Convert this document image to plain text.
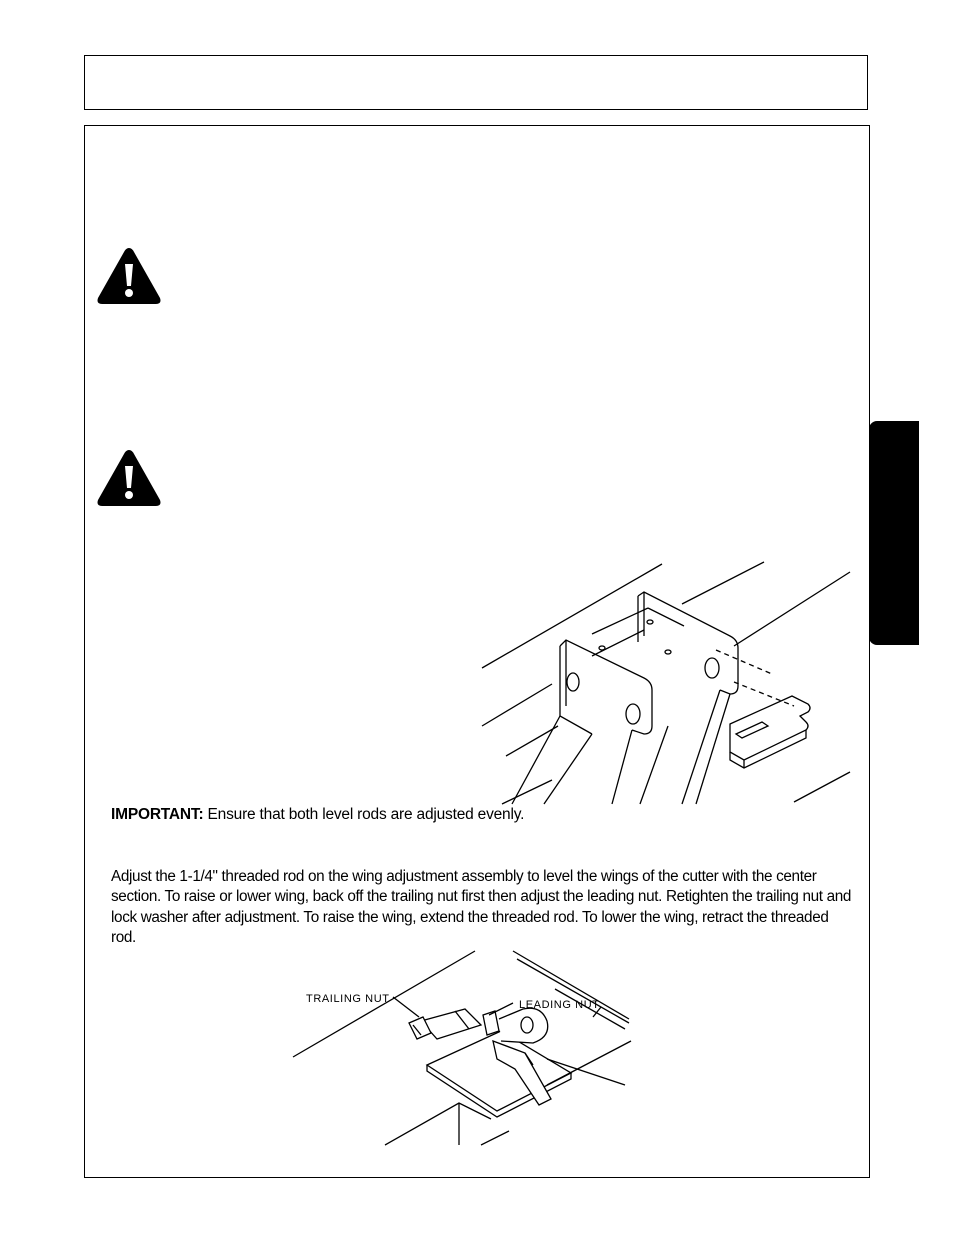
IMPORTANT: Ensure that both level rods are adjusted evenly.
Adjust the 1-1/4" threaded rod on the wing adjustment assembly to level the wings of the cutter with the center section. To raise or lower wing, back off the trailing nut first then adjust the leading nut. Retighten the trailing nut and lock washer after adjustment. To raise the wing, extend the threaded rod. To lower the wing, retract the threaded rod.
TRAILING NUT	LEADING NUT
